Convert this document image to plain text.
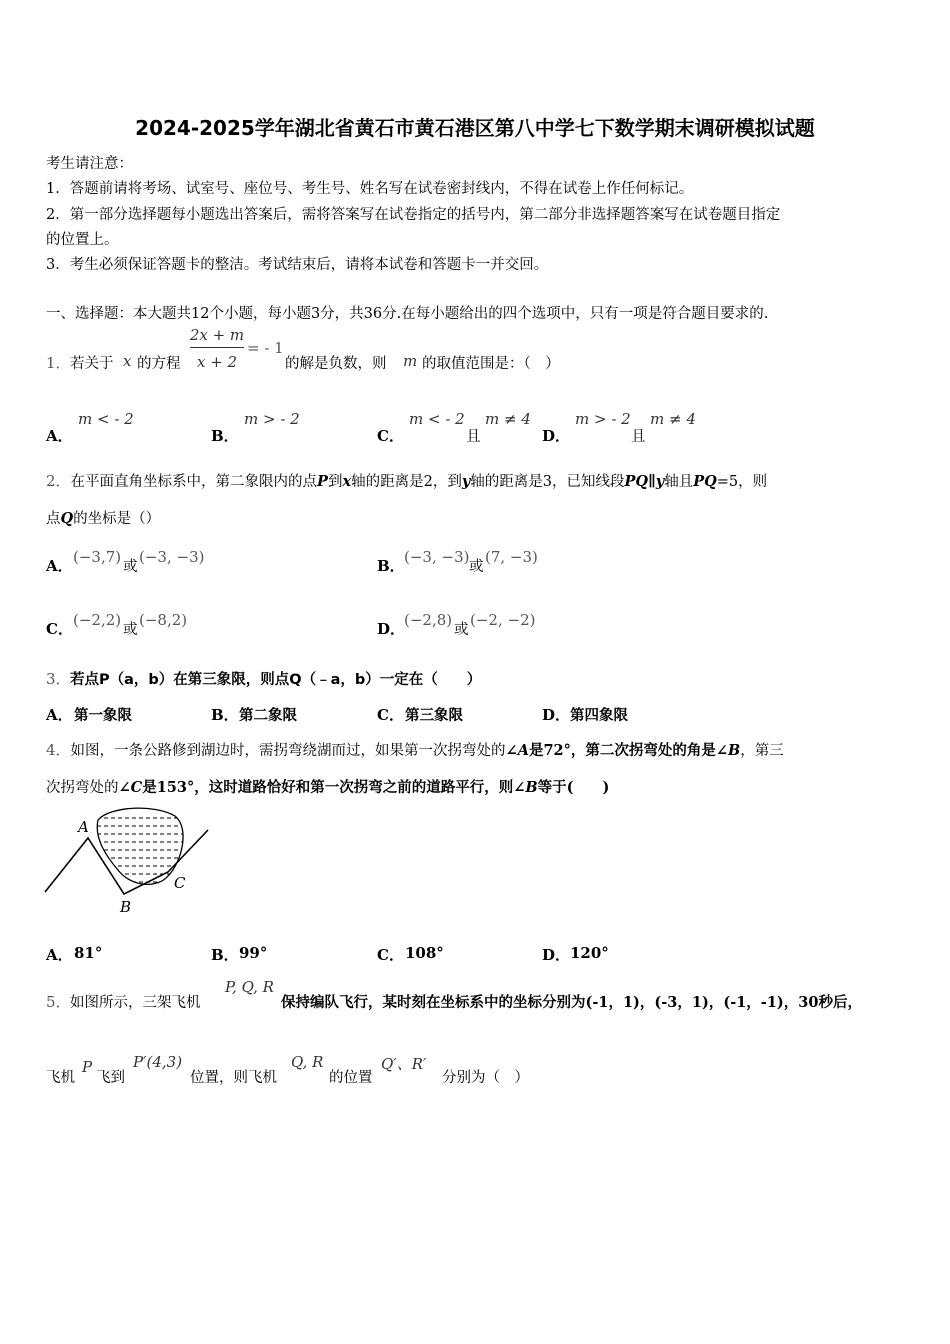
2024-2025学年湖北省黄石市黄石港区第八中学七下数学期末调研模拟试题
考生请注意：
1．答题前请将考场、试室号、座位号、考生号、姓名写在试卷密封线内，不得在试卷上作任何标记。
2．第一部分选择题每小题选出答案后，需将答案写在试卷指定的括号内，第二部分非选择题答案写在试卷题目指定
的位置上。
3．考生必须保证答题卡的整洁。考试结束后，请将本试卷和答题卡一并交回。
一、选择题：本大题共12个小题，每小题3分，共36分.在每小题给出的四个选项中，只有一项是符合题目要求的.
1． 若关于 x 的方程
2x + m
x + 2
= - 1
的解是负数，则 m 的取值范围是：（　）
A．
m < - 2
B．
m > - 2
C．
m < - 2
且
m ≠ 4
D．
m > - 2
且
m ≠ 4
2．在平面直角坐标系中，第二象限内的点P到x轴的距离是2，到y轴的距离是3，已知线段PQ∥y轴且PQ=5，则
点Q的坐标是（）
A． (−3,7)
或
(−3, −3)	B． (−3, −3)
或
(7, −3)
C． (−2,2)
或
(−8,2)	D．
(−2,8)
或
(−2, −2)
3． 若点P（a，b）在第三象限，则点Q（﹣a，b）一定在（　　）
A． 第一象限	B． 第二象限	C． 第三象限	D． 第四象限
4．如图，一条公路修到湖边时，需拐弯绕湖而过，如果第一次拐弯处的∠A是72°，第二次拐弯处的角是∠B，第三
次拐弯处的∠C是153°，这时道路恰好和第一次拐弯之前的道路平行，则∠B等于(　　)
A
B
C
A． 81°	B． 99°	C． 108°	D． 120°
5． 如图所示，三架飞机
P, Q, R
保持编队飞行，某时刻在坐标系中的坐标分别为(-1，1)，(-3，1)，(-1，-1)，30秒后，
飞机
P
飞到
P′(4,3)
位置，则飞机
Q, R
的位置
Q′、R′
分别为（　）
